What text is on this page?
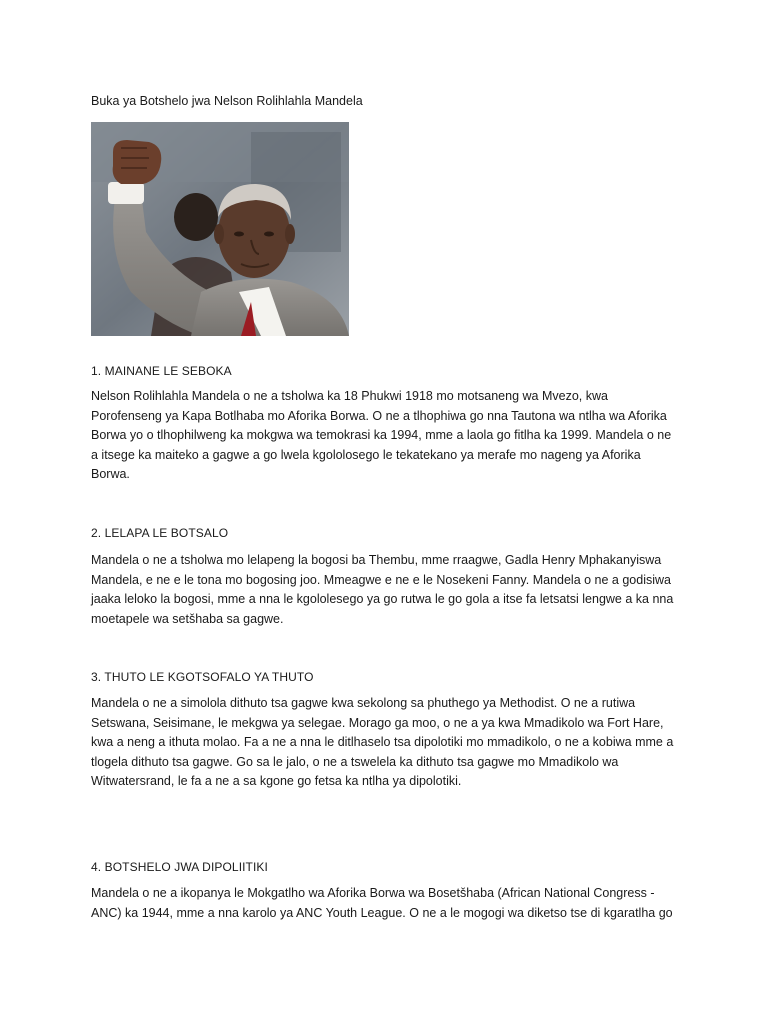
Buka ya Botshelo jwa Nelson Rolihlahla Mandela
1. MAINANE LE SEBOKA
Nelson Rolihlahla Mandela o ne a tsholwa ka 18 Phukwi 1918 mo motsaneng wa Mvezo, kwa
Porofenseng ya Kapa Botlhaba mo Aforika Borwa. O ne a tlhophiwa go nna Tautona wa ntlha wa Aforika
Borwa yo o tlhophilweng ka mokgwa wa temokrasi ka 1994, mme a laola go fitlha ka 1999. Mandela o ne
a itsege ka maiteko a gagwe a go lwela kgololosego le tekatekano ya merafe mo nageng ya Aforika
Borwa.
2. LELAPA LE BOTSALO
Mandela o ne a tsholwa mo lelapeng la bogosi ba Thembu, mme rraagwe, Gadla Henry Mphakanyiswa
Mandela, e ne e le tona mo bogosing joo. Mmeagwe e ne e le Nosekeni Fanny. Mandela o ne a godisiwa
jaaka leloko la bogosi, mme a nna le kgololesego ya go rutwa le go gola a itse fa letsatsi lengwe a ka nna
moetapele wa setšhaba sa gagwe.
3. THUTO LE KGOTSOFALO YA THUTO
Mandela o ne a simolola dithuto tsa gagwe kwa sekolong sa phuthego ya Methodist. O ne a rutiwa
Setswana, Seisimane, le mekgwa ya selegae. Morago ga moo, o ne a ya kwa Mmadikolo wa Fort Hare,
kwa a neng a ithuta molao. Fa a ne a nna le ditlhaselo tsa dipolotiki mo mmadikolo, o ne a kobiwa mme a
tlogela dithuto tsa gagwe. Go sa le jalo, o ne a tswelela ka dithuto tsa gagwe mo Mmadikolo wa
Witwatersrand, le fa a ne a sa kgone go fetsa ka ntlha ya dipolotiki.
4. BOTSHELO JWA DIPOLIITIKI
Mandela o ne a ikopanya le Mokgatlho wa Aforika Borwa wa Bosetšhaba (African National Congress -
ANC) ka 1944, mme a nna karolo ya ANC Youth League. O ne a le mogogi wa diketso tse di kgaratlha go
